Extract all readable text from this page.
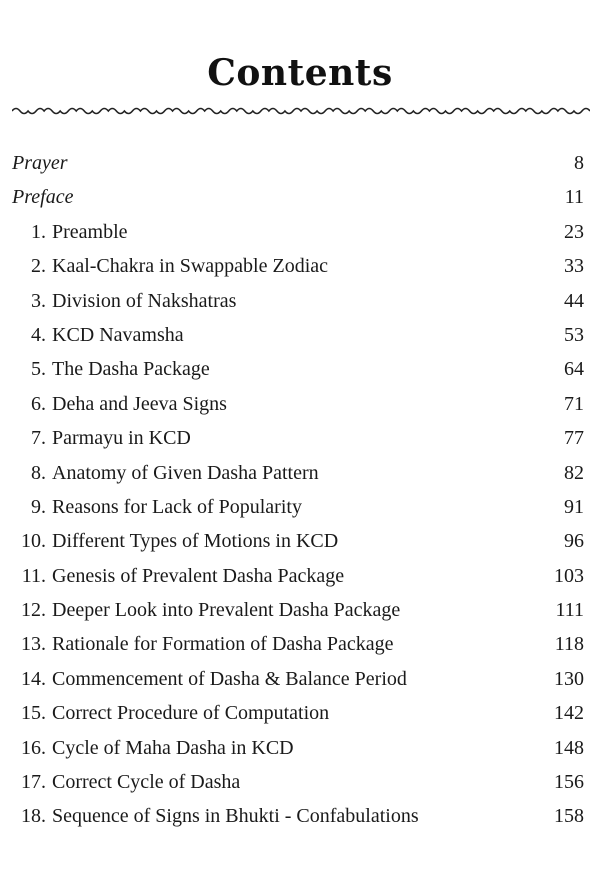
Contents
Prayer	8
Preface	11
1. Preamble	23
2. Kaal-Chakra in Swappable Zodiac	33
3. Division of Nakshatras	44
4. KCD Navamsha	53
5. The Dasha Package	64
6. Deha and Jeeva Signs	71
7. Parmayu in KCD	77
8. Anatomy of Given Dasha Pattern	82
9. Reasons for Lack of Popularity	91
10. Different Types of Motions in KCD	96
11. Genesis of Prevalent Dasha Package	103
12. Deeper Look into Prevalent Dasha Package	111
13. Rationale for Formation of Dasha Package	118
14. Commencement of Dasha & Balance Period	130
15. Correct Procedure of Computation	142
16. Cycle of Maha Dasha in KCD	148
17. Correct Cycle of Dasha	156
18. Sequence of Signs in Bhukti - Confabulations	158
